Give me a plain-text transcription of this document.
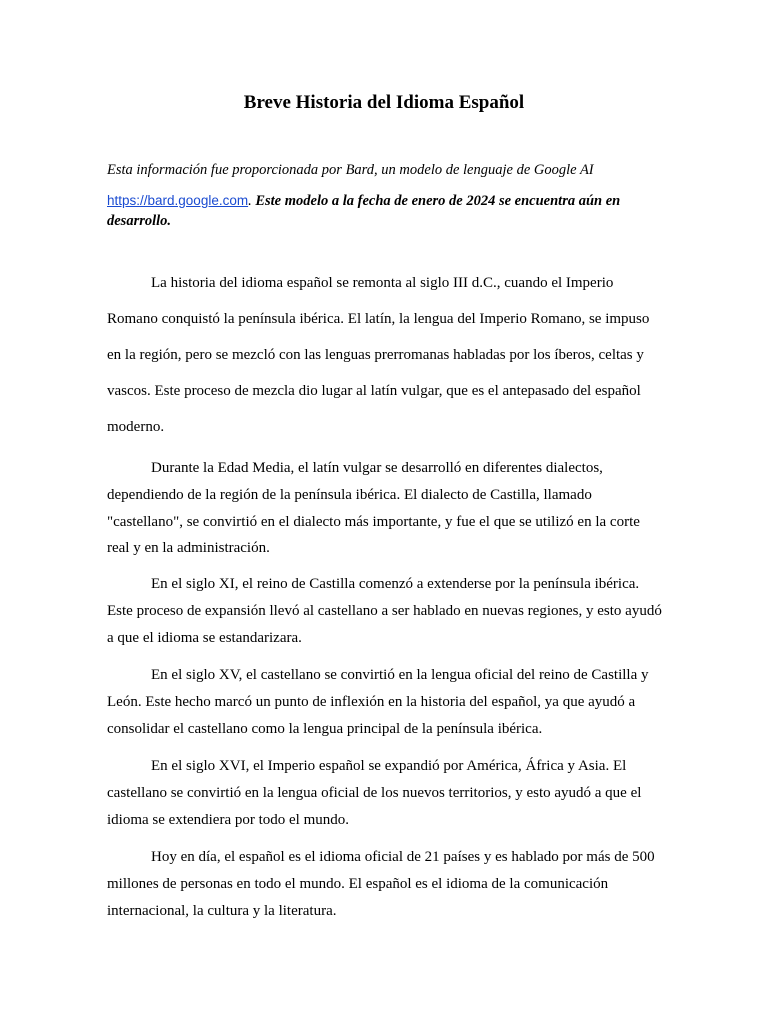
Breve Historia del Idioma Español

Esta información fue proporcionada por Bard, un modelo de lenguaje de Google AI

https://bard.google.com. Este modelo a la fecha de enero de 2024 se encuentra aún en desarrollo.

La historia del idioma español se remonta al siglo III d.C., cuando el Imperio Romano conquistó la península ibérica. El latín, la lengua del Imperio Romano, se impuso en la región, pero se mezcló con las lenguas prerromanas habladas por los íberos, celtas y vascos. Este proceso de mezcla dio lugar al latín vulgar, que es el antepasado del español moderno.

Durante la Edad Media, el latín vulgar se desarrolló en diferentes dialectos, dependiendo de la región de la península ibérica. El dialecto de Castilla, llamado "castellano", se convirtió en el dialecto más importante, y fue el que se utilizó en la corte real y en la administración.

En el siglo XI, el reino de Castilla comenzó a extenderse por la península ibérica. Este proceso de expansión llevó al castellano a ser hablado en nuevas regiones, y esto ayudó a que el idioma se estandarizara.

En el siglo XV, el castellano se convirtió en la lengua oficial del reino de Castilla y León. Este hecho marcó un punto de inflexión en la historia del español, ya que ayudó a consolidar el castellano como la lengua principal de la península ibérica.

En el siglo XVI, el Imperio español se expandió por América, África y Asia. El castellano se convirtió en la lengua oficial de los nuevos territorios, y esto ayudó a que el idioma se extendiera por todo el mundo.

Hoy en día, el español es el idioma oficial de 21 países y es hablado por más de 500 millones de personas en todo el mundo. El español es el idioma de la comunicación internacional, la cultura y la literatura.
